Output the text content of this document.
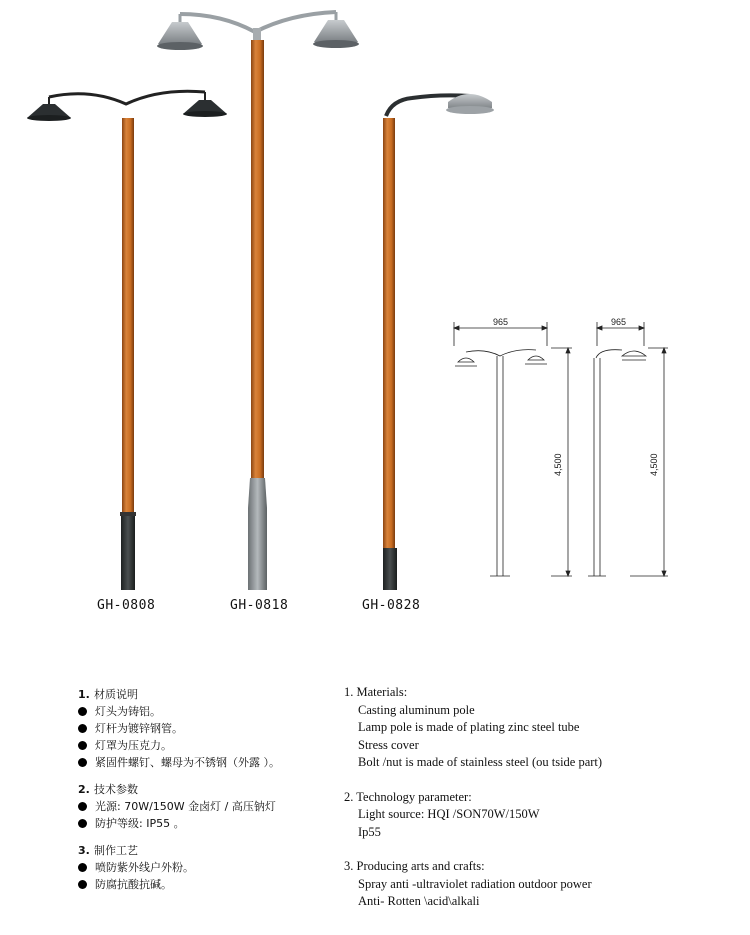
965	965
4,500	4,500
GH-0808	GH-0818	GH-0828
1. 材质说明
灯头为铸铝。
灯杆为镀锌钢管。
灯罩为压克力。
紧固件螺钉、螺母为不锈钢（外露 ）。
2. 技术参数
光源: 70W/150W 金卤灯 / 高压钠灯
防护等级: IP55 。
3. 制作工艺
喷防紫外线户外粉。
防腐抗酸抗碱。
1. Materials:
Casting aluminum pole
Lamp pole is made of plating zinc steel tube
Stress cover
Bolt /nut is made of stainless steel (ou tside part)
2. Technology parameter:
Light source: HQI /SON70W/150W
Ip55
3. Producing arts and crafts:
Spray anti -ultraviolet radiation outdoor power
Anti- Rotten \acid\alkali
